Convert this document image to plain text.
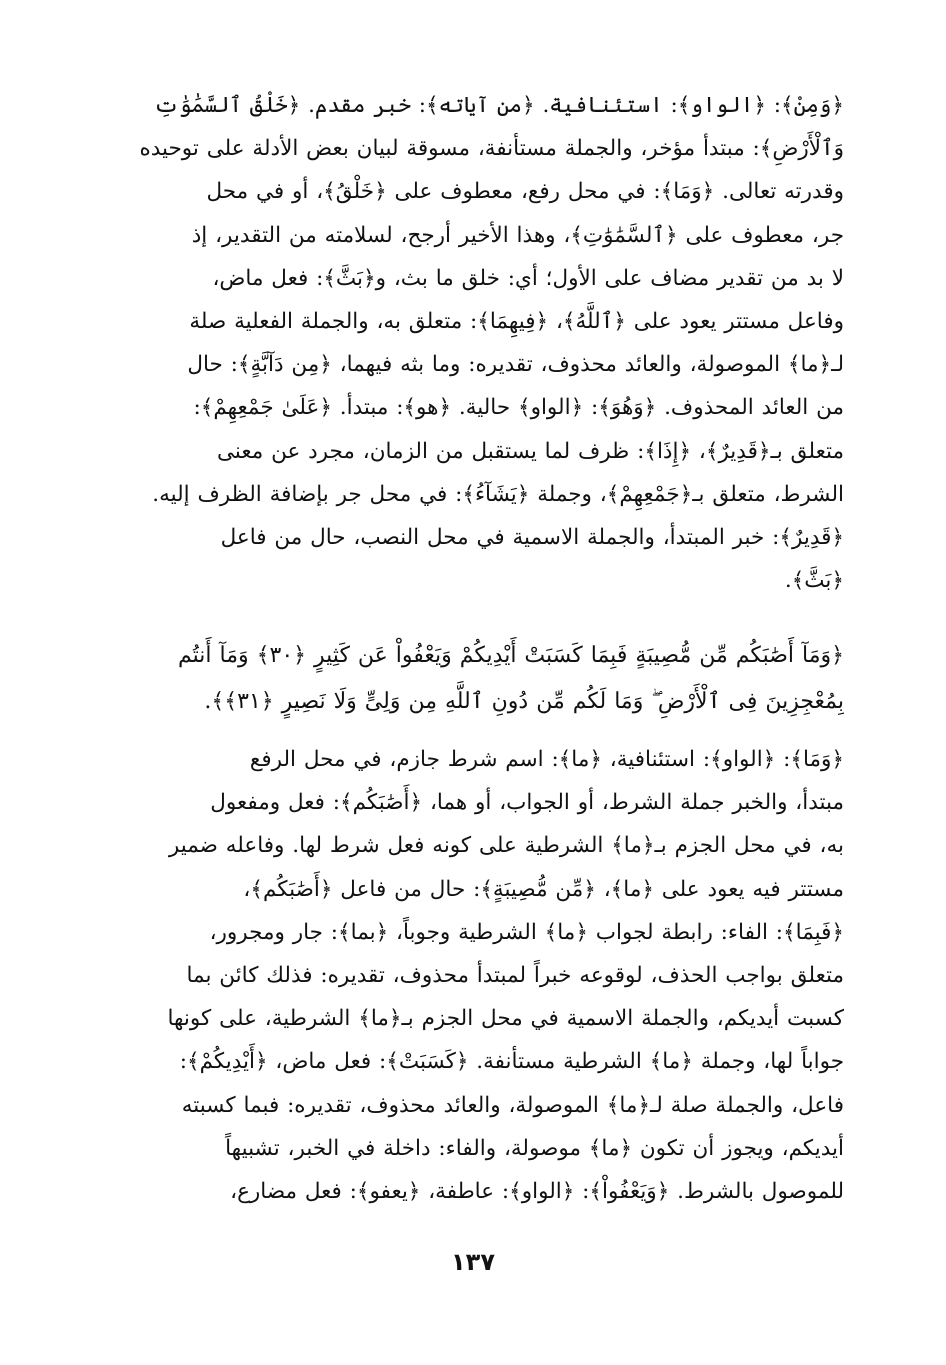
﴿وَمِنْ﴾: ﴿الواو﴾: استئنافية. ﴿من آياته﴾: خبر مقدم. ﴿خَلْقُ ٱلسَّمَٰوَٰتِ
وَٱلْأَرْضِ﴾: مبتدأ مؤخر، والجملة مستأنفة، مسوقة لبيان بعض الأدلة على توحيده
وقدرته تعالى. ﴿وَمَا﴾: في محل رفع، معطوف على ﴿خَلْقُ﴾، أو في محل
جر، معطوف على ﴿ٱلسَّمَٰوَٰتِ﴾، وهذا الأخير أرجح، لسلامته من التقدير، إذ
لا بد من تقدير مضاف على الأول؛ أي: خلق ما بث، و﴿بَثَّ﴾: فعل ماض،
وفاعل مستتر يعود على ﴿ٱللَّهُ﴾، ﴿فِيهِمَا﴾: متعلق به، والجملة الفعلية صلة
لـ﴿ما﴾ الموصولة، والعائد محذوف، تقديره: وما بثه فيهما، ﴿مِن دَآبَّةٍ﴾: حال
من العائد المحذوف. ﴿وَهُوَ﴾: ﴿الواو﴾ حالية. ﴿هو﴾: مبتدأ. ﴿عَلَىٰ جَمْعِهِمْ﴾:
متعلق بـ﴿قَدِيرٌ﴾، ﴿إِذَا﴾: ظرف لما يستقبل من الزمان، مجرد عن معنى
الشرط، متعلق بـ﴿جَمْعِهِمْ﴾، وجملة ﴿يَشَآءُ﴾: في محل جر بإضافة الظرف إليه.
﴿قَدِيرٌ﴾: خبر المبتدأ، والجملة الاسمية في محل النصب، حال من فاعل
﴿بَثَّ﴾.
﴿وَمَآ أَصَٰبَكُم مِّن مُّصِيبَةٍ فَبِمَا كَسَبَتْ أَيْدِيكُمْ وَيَعْفُواْ عَن كَثِيرٍ ﴿٣٠﴾ وَمَآ أَنتُم
بِمُعْجِزِينَ فِى ٱلْأَرْضِ ۖ وَمَا لَكُم مِّن دُونِ ٱللَّهِ مِن وَلِىٍّ وَلَا نَصِيرٍ ﴿٣١﴾﴾.
﴿وَمَا﴾: ﴿الواو﴾: استئنافية، ﴿ما﴾: اسم شرط جازم، في محل الرفع
مبتدأ، والخبر جملة الشرط، أو الجواب، أو هما، ﴿أَصَٰبَكُم﴾: فعل ومفعول
به، في محل الجزم بـ﴿ما﴾ الشرطية على كونه فعل شرط لها. وفاعله ضمير
مستتر فيه يعود على ﴿ما﴾، ﴿مِّن مُّصِيبَةٍ﴾: حال من فاعل ﴿أَصَٰبَكُم﴾،
﴿فَبِمَا﴾: الفاء: رابطة لجواب ﴿ما﴾ الشرطية وجوباً، ﴿بما﴾: جار ومجرور،
متعلق بواجب الحذف، لوقوعه خبراً لمبتدأ محذوف، تقديره: فذلك كائن بما
كسبت أيديكم، والجملة الاسمية في محل الجزم بـ﴿ما﴾ الشرطية، على كونها
جواباً لها، وجملة ﴿ما﴾ الشرطية مستأنفة. ﴿كَسَبَتْ﴾: فعل ماض، ﴿أَيْدِيكُمْ﴾:
فاعل، والجملة صلة لـ﴿ما﴾ الموصولة، والعائد محذوف، تقديره: فبما كسبته
أيديكم، ويجوز أن تكون ﴿ما﴾ موصولة، والفاء: داخلة في الخبر، تشبيهاً
للموصول بالشرط. ﴿وَيَعْفُواْ﴾: ﴿الواو﴾: عاطفة، ﴿يعفو﴾: فعل مضارع،
١٣٧
